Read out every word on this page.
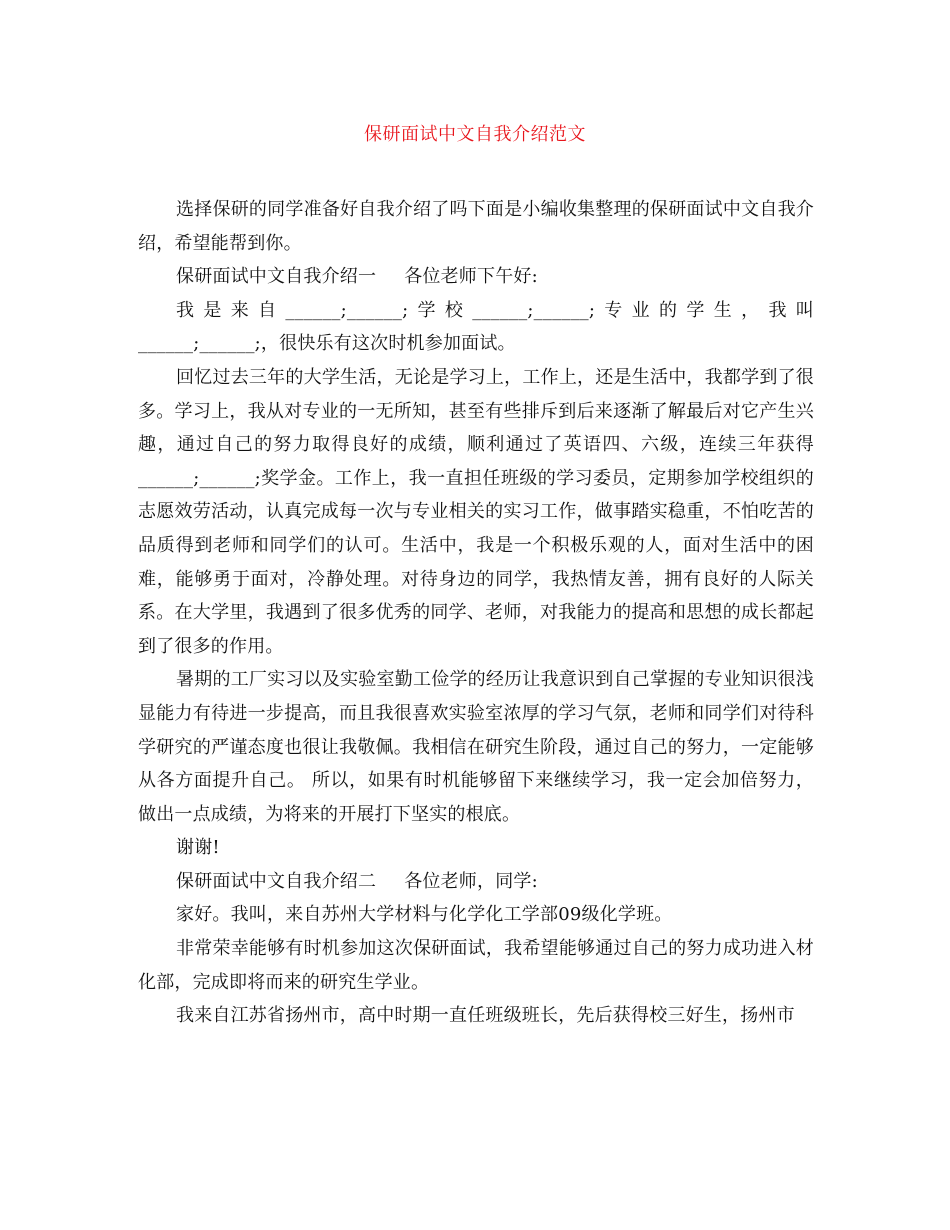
保研面试中文自我介绍范文

选择保研的同学准备好自我介绍了吗下面是小编收集整理的保研面试中文自我介绍，希望能帮到你。

保研面试中文自我介绍一 各位老师下午好:

我是来自______;______;学校______;______;专业的学生，我叫______;______;，很快乐有这次时机参加面试。

回忆过去三年的大学生活，无论是学习上，工作上，还是生活中，我都学到了很多。学习上，我从对专业的一无所知，甚至有些排斥到后来逐渐了解最后对它产生兴趣，通过自己的努力取得良好的成绩，顺利通过了英语四、六级，连续三年获得______;______;奖学金。工作上，我一直担任班级的学习委员，定期参加学校组织的志愿效劳活动，认真完成每一次与专业相关的实习工作，做事踏实稳重，不怕吃苦的品质得到老师和同学们的认可。生活中，我是一个积极乐观的人，面对生活中的困难，能够勇于面对，冷静处理。对待身边的同学，我热情友善，拥有良好的人际关系。在大学里，我遇到了很多优秀的同学、老师，对我能力的提高和思想的成长都起到了很多的作用。

暑期的工厂实习以及实验室勤工俭学的经历让我意识到自己掌握的专业知识很浅显能力有待进一步提高，而且我很喜欢实验室浓厚的学习气氛，老师和同学们对待科学研究的严谨态度也很让我敬佩。我相信在研究生阶段，通过自己的努力，一定能够从各方面提升自己。 所以，如果有时机能够留下来继续学习，我一定会加倍努力，做出一点成绩，为将来的开展打下坚实的根底。

谢谢!

保研面试中文自我介绍二 各位老师，同学:

家好。我叫，来自苏州大学材料与化学化工学部09级化学班。

非常荣幸能够有时机参加这次保研面试，我希望能够通过自己的努力成功进入材化部，完成即将而来的研究生学业。

我来自江苏省扬州市，高中时期一直任班级班长，先后获得校三好生，扬州市
